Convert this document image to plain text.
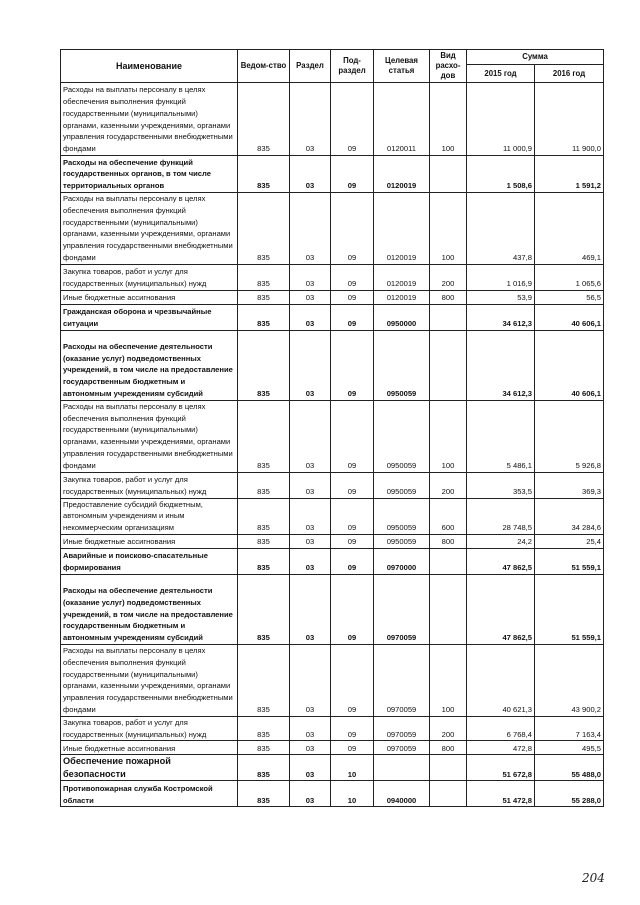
Наименование	Ведом-ство	Раздел	Под-раздел	Целевая статья	Вид расхо-дов	Сумма	
						2015 год	2016 год
Расходы на выплаты персоналу в целях обеспечения выполнения функций государственными (муниципальными) органами, казенными учреждениями, органами управления государственными внебюджетными фондами	835	03	09	0120011	100	11 000,9	11 900,0
Расходы на обеспечение функций государственных органов, в том числе территориальных органов	835	03	09	0120019		1 508,6	1 591,2
Расходы на выплаты персоналу в целях обеспечения выполнения функций государственными (муниципальными) органами, казенными учреждениями, органами управления государственными внебюджетными фондами	835	03	09	0120019	100	437,8	469,1
Закупка товаров, работ и услуг для государственных (муниципальных) нужд	835	03	09	0120019	200	1 016,9	1 065,6
Иные бюджетные ассигнования	835	03	09	0120019	800	53,9	56,5
Гражданская оборона и чрезвычайные ситуации	835	03	09	0950000		34 612,3	40 606,1
Расходы на обеспечение деятельности (оказание услуг) подведомственных учреждений, в том числе на предоставление государственным бюджетным и автономным учреждениям субсидий	835	03	09	0950059		34 612,3	40 606,1
Расходы на выплаты персоналу в целях обеспечения выполнения функций государственными (муниципальными) органами, казенными учреждениями, органами управления государственными внебюджетными фондами	835	03	09	0950059	100	5 486,1	5 926,8
Закупка товаров, работ и услуг для государственных (муниципальных) нужд	835	03	09	0950059	200	353,5	369,3
Предоставление субсидий бюджетным, автономным учреждениям и иным некоммерческим организациям	835	03	09	0950059	600	28 748,5	34 284,6
Иные бюджетные ассигнования	835	03	09	0950059	800	24,2	25,4
Аварийные и поисково-спасательные формирования	835	03	09	0970000		47 862,5	51 559,1
Расходы на обеспечение деятельности (оказание услуг) подведомственных учреждений, в том числе на предоставление государственным бюджетным и автономным учреждениям субсидий	835	03	09	0970059		47 862,5	51 559,1
Расходы на выплаты персоналу в целях обеспечения выполнения функций государственными (муниципальными) органами, казенными учреждениями, органами управления государственными внебюджетными фондами	835	03	09	0970059	100	40 621,3	43 900,2
Закупка товаров, работ и услуг для государственных (муниципальных) нужд	835	03	09	0970059	200	6 768,4	7 163,4
Иные бюджетные ассигнования	835	03	09	0970059	800	472,8	495,5
Обеспечение пожарной безопасности	835	03	10			51 672,8	55 488,0
Противопожарная служба Костромской области	835	03	10	0940000		51 472,8	55 288,0
204
